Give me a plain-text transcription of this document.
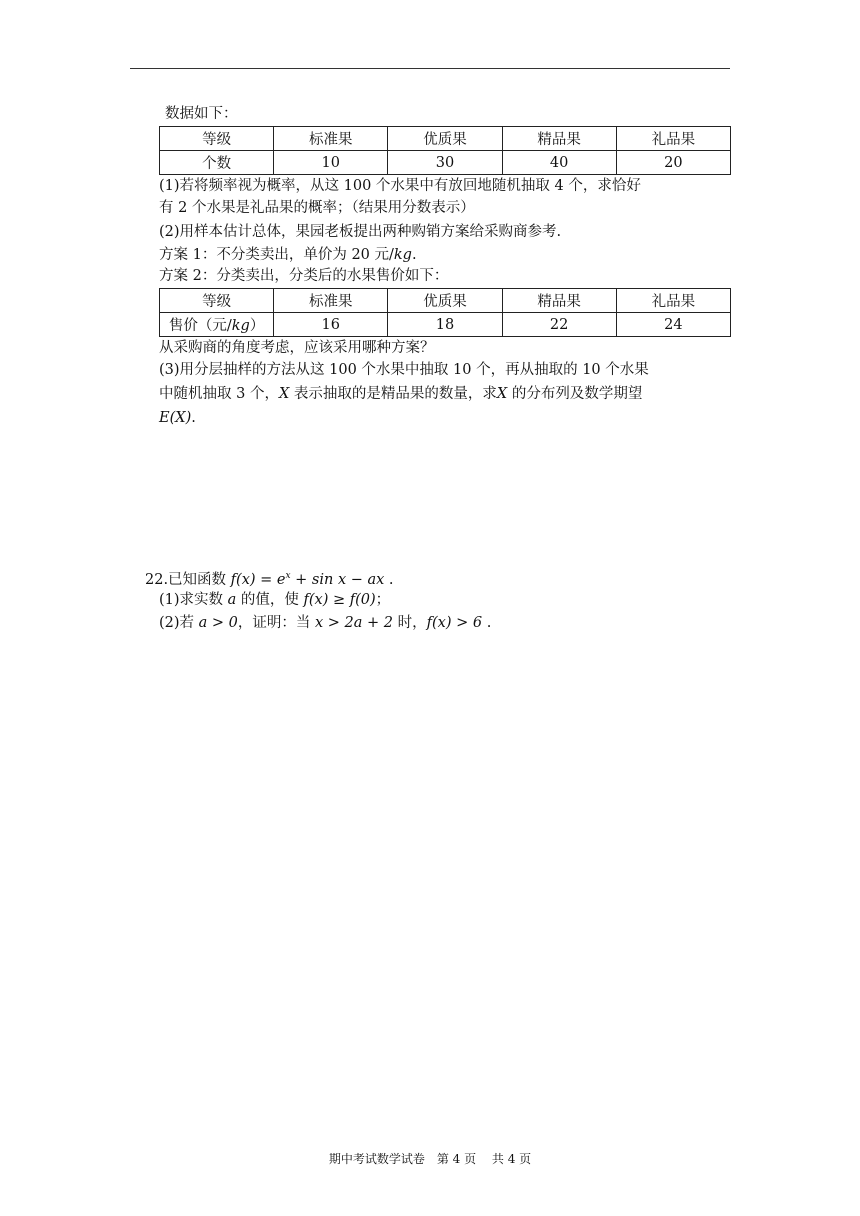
数据如下：
等级	标准果	优质果	精品果	礼品果
个数	10	30	40	20
(1)若将频率视为概率，从这 100 个水果中有放回地随机抽取 4 个，求恰好
有 2 个水果是礼品果的概率；（结果用分数表示）
(2)用样本估计总体，果园老板提出两种购销方案给采购商参考.
方案 1：不分类卖出，单价为 20 元/kg.
方案 2：分类卖出，分类后的水果售价如下：
等级	标准果	优质果	精品果	礼品果
售价（元/kg）	16	18	22	24
从采购商的角度考虑，应该采用哪种方案？
(3)用分层抽样的方法从这 100 个水果中抽取 10 个，再从抽取的 10 个水果
中随机抽取 3 个，X 表示抽取的是精品果的数量，求X 的分布列及数学期望
E(X).
22.已知函数 $f(x) = e^x + \sin x$ − ax .
(1)求实数 a 的值，使 f(x) ≥ f(0)；
(2)若 a > 0，证明：当 x > 2a + 2 时，f(x) > 6 .
期中考试数学试卷　第 4 页　 共 4 页
